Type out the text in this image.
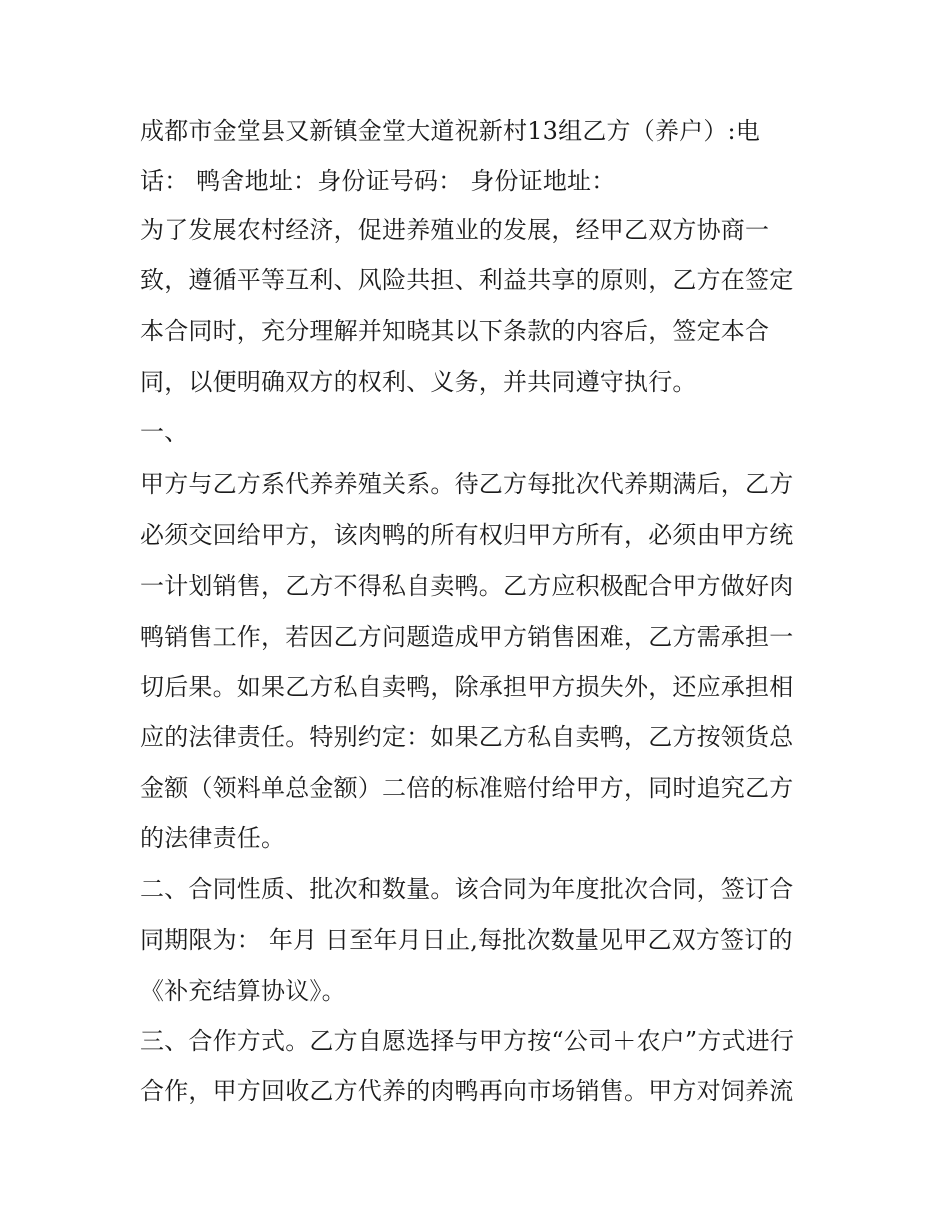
成都市金堂县又新镇金堂大道祝新村13组乙方（养户）:电
话： 鸭舍地址：身份证号码： 身份证地址：
为了发展农村经济，促进养殖业的发展，经甲乙双方协商一
致，遵循平等互利、风险共担、利益共享的原则，乙方在签定
本合同时，充分理解并知晓其以下条款的内容后，签定本合
同，以便明确双方的权利、义务，并共同遵守执行。
一、
甲方与乙方系代养养殖关系。待乙方每批次代养期满后，乙方
必须交回给甲方，该肉鸭的所有权归甲方所有，必须由甲方统
一计划销售，乙方不得私自卖鸭。乙方应积极配合甲方做好肉
鸭销售工作，若因乙方问题造成甲方销售困难，乙方需承担一
切后果。如果乙方私自卖鸭，除承担甲方损失外，还应承担相
应的法律责任。特别约定：如果乙方私自卖鸭，乙方按领货总
金额（领料单总金额）二倍的标准赔付给甲方，同时追究乙方
的法律责任。
二、合同性质、批次和数量。该合同为年度批次合同，签订合
同期限为： 年月 日至年月日止,每批次数量见甲乙双方签订的
《补充结算协议》。
三、合作方式。乙方自愿选择与甲方按“公司＋农户”方式进行
合作，甲方回收乙方代养的肉鸭再向市场销售。甲方对饲养流
